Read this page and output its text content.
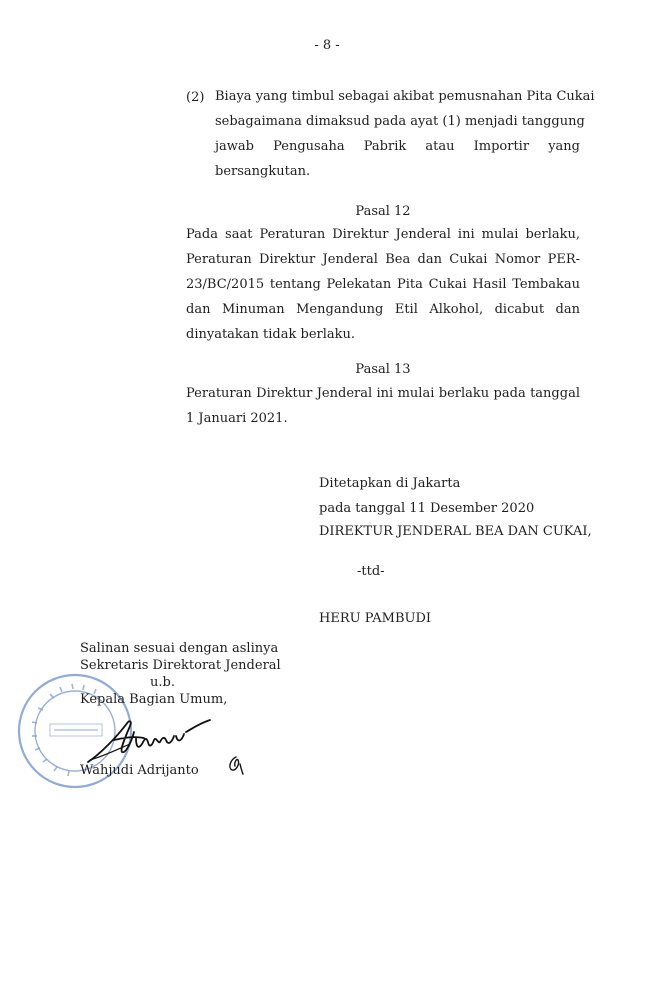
- 8 -
(2) Biaya yang timbul sebagai akibat pemusnahan Pita Cukai
sebagaimana dimaksud pada ayat (1) menjadi tanggung
jawab Pengusaha Pabrik atau Importir yang
bersangkutan.
Pasal 12
Pada saat Peraturan Direktur Jenderal ini mulai berlaku,
Peraturan Direktur Jenderal Bea dan Cukai Nomor PER-
23/BC/2015 tentang Pelekatan Pita Cukai Hasil Tembakau
dan Minuman Mengandung Etil Alkohol, dicabut dan
dinyatakan tidak berlaku.
Pasal 13
Peraturan Direktur Jenderal ini mulai berlaku pada tanggal
1 Januari 2021.
Ditetapkan di Jakarta
pada tanggal 11 Desember 2020
DIREKTUR JENDERAL BEA DAN CUKAI,
-ttd-
HERU PAMBUDI
Salinan sesuai dengan aslinya
Sekretaris Direktorat Jenderal
u.b.
Kepala Bagian Umum,
Wahjudi Adrijanto
